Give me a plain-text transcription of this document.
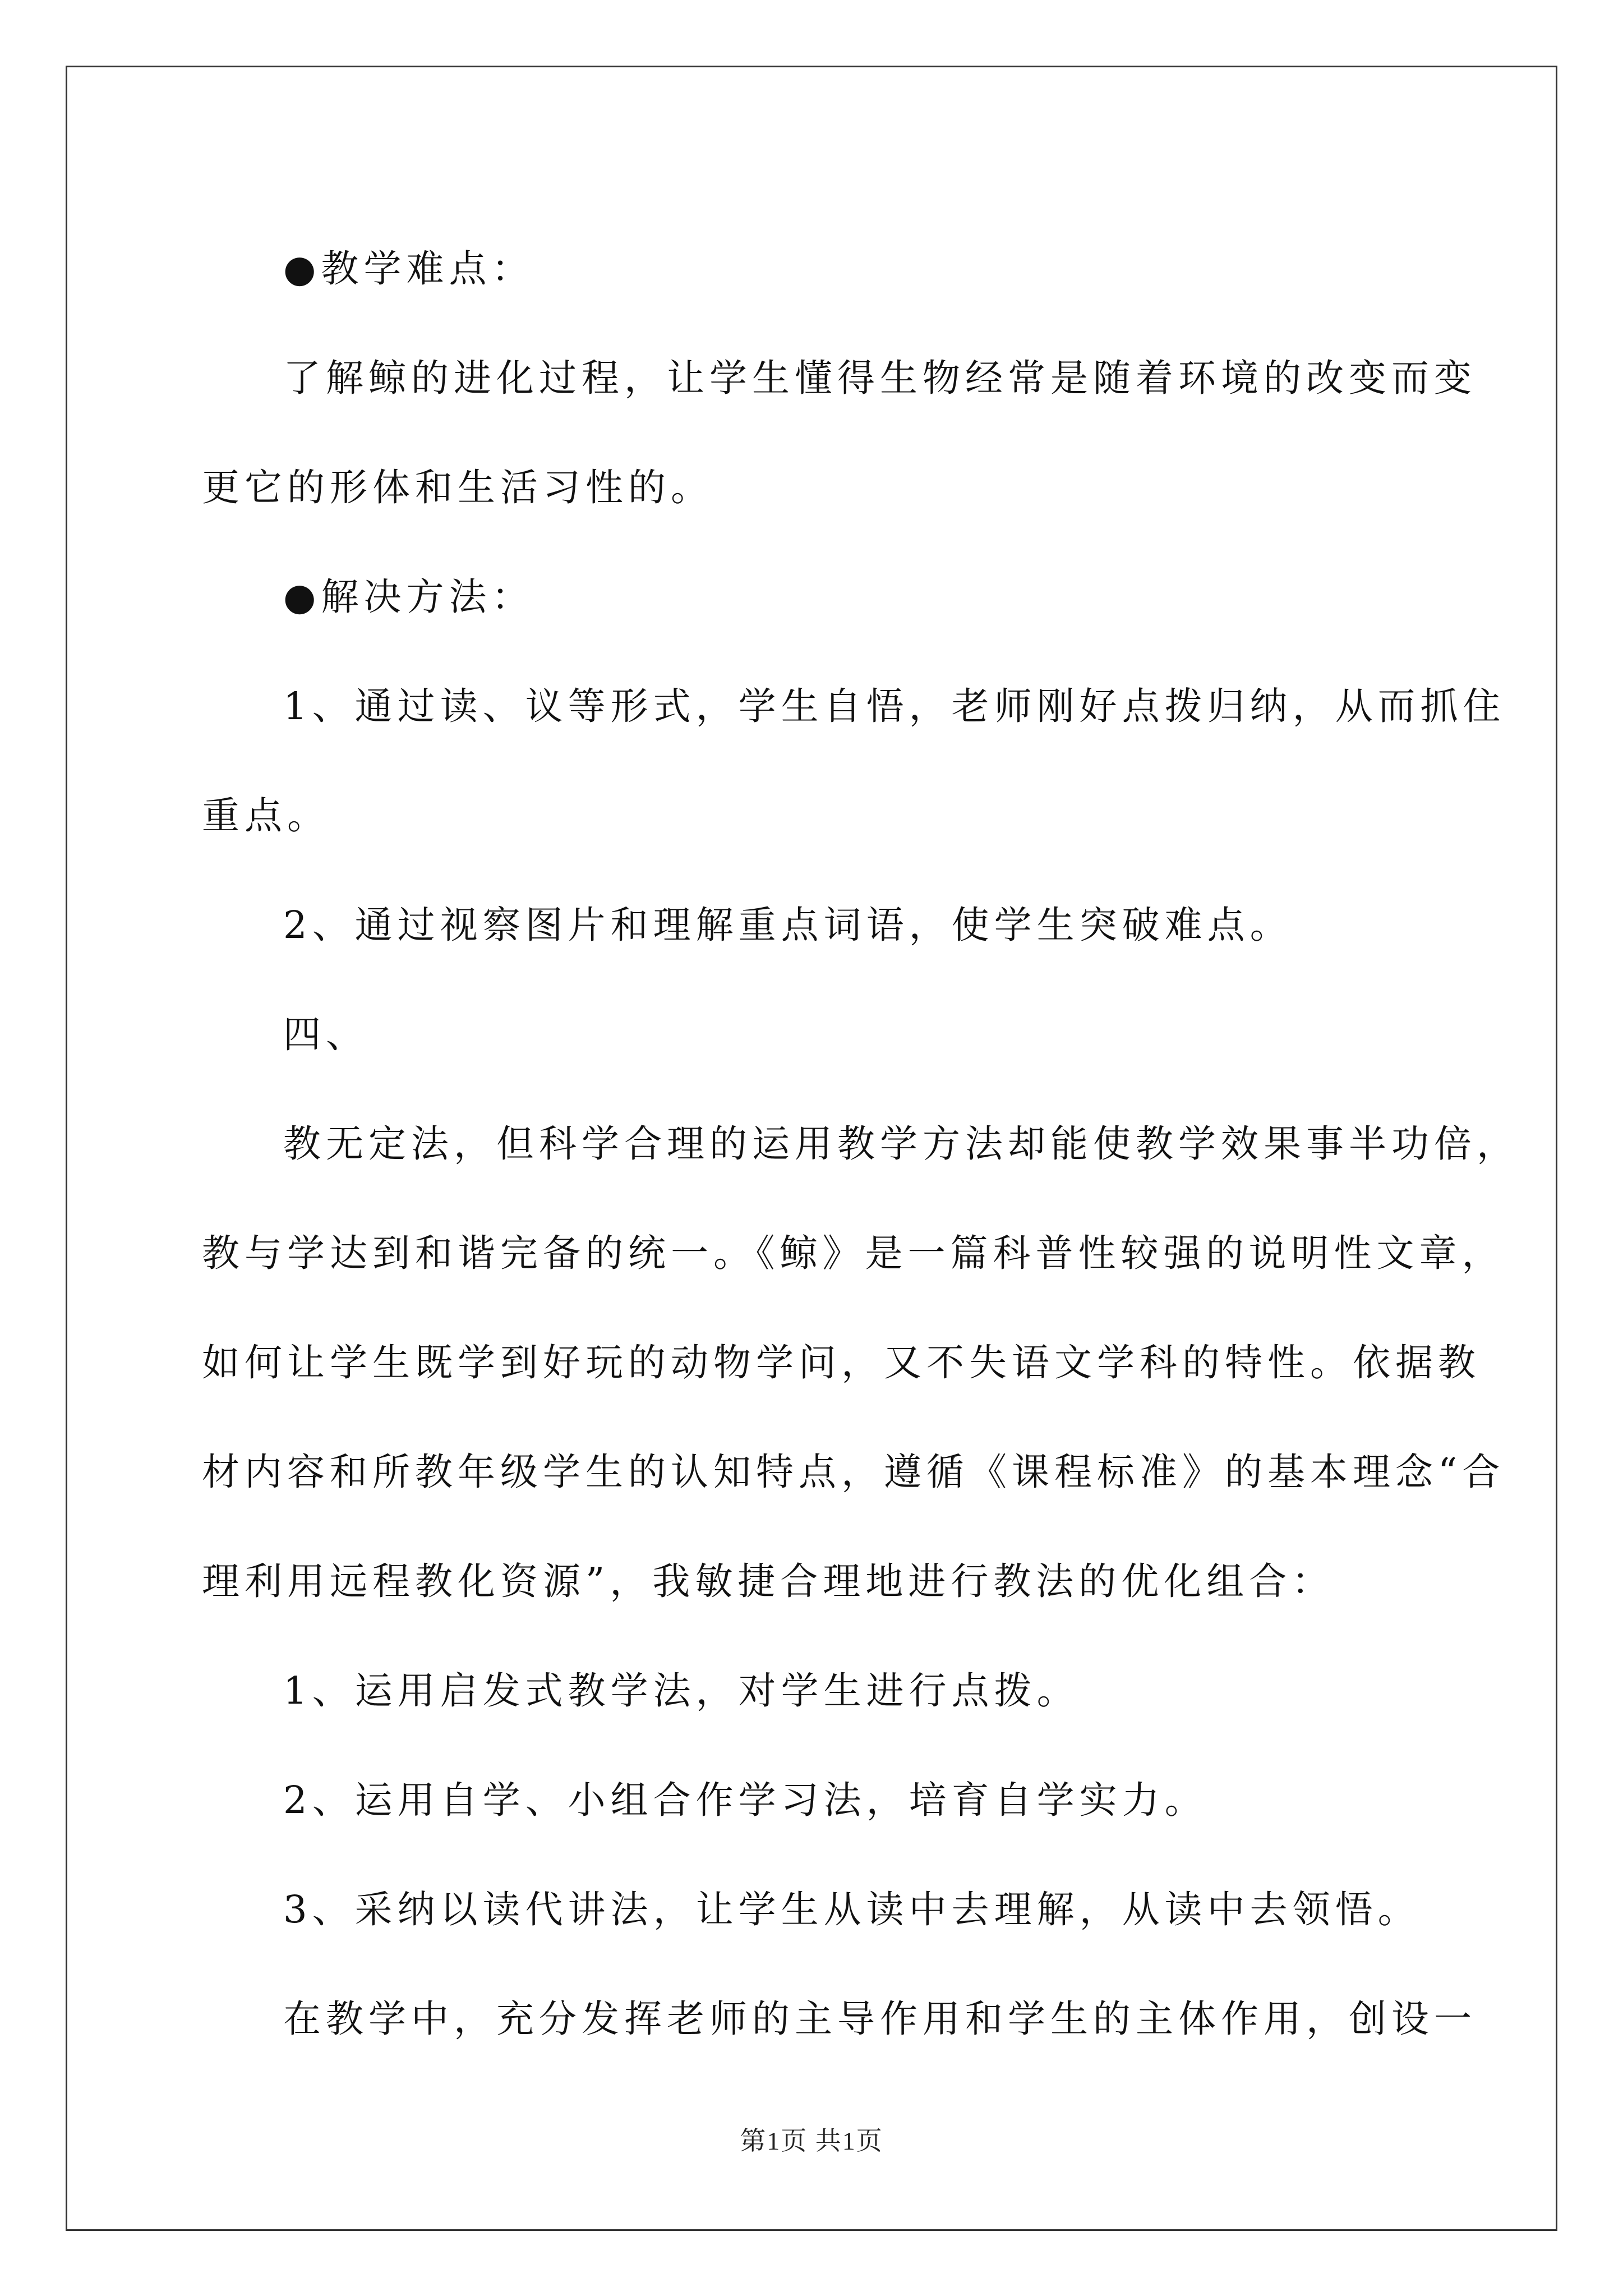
●教学难点：

了解鲸的进化过程，让学生懂得生物经常是随着环境的改变而变

更它的形体和生活习性的。

●解决方法：

1、通过读、议等形式，学生自悟，老师刚好点拨归纳，从而抓住

重点。

2、通过视察图片和理解重点词语，使学生突破难点。

四、

教无定法，但科学合理的运用教学方法却能使教学效果事半功倍，

教与学达到和谐完备的统一。《鲸》是一篇科普性较强的说明性文章，

如何让学生既学到好玩的动物学问，又不失语文学科的特性。依据教

材内容和所教年级学生的认知特点，遵循《课程标准》的基本理念“合

理利用远程教化资源”，我敏捷合理地进行教法的优化组合：

1、运用启发式教学法，对学生进行点拨。

2、运用自学、小组合作学习法，培育自学实力。

3、采纳以读代讲法，让学生从读中去理解，从读中去领悟。

在教学中，充分发挥老师的主导作用和学生的主体作用，创设一

第1页 共1页
